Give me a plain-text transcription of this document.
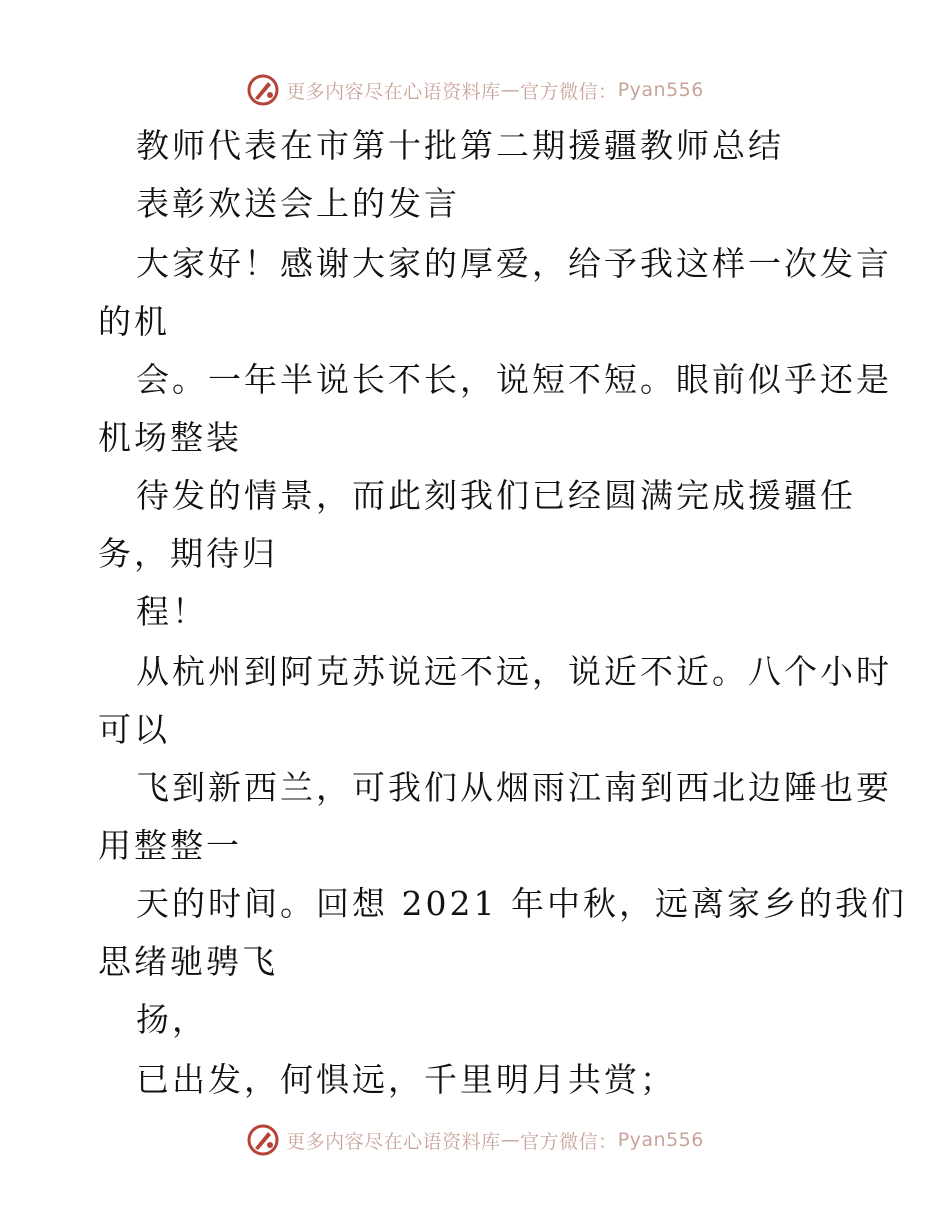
更多内容尽在心语资料库 — 官方微信： Pyan556
教师代表在市第十批第二期援疆教师总结
表彰欢送会上的发言
大家好！感谢大家的厚爱，给予我这样一次发言
的机
会。一年半说长不长，说短不短。眼前似乎还是
机场整装
待发的情景，而此刻我们已经圆满完成援疆任
务，期待归
程！
从杭州到阿克苏说远不远，说近不近。八个小时
可以
飞到新西兰，可我们从烟雨江南到西北边陲也要
用整整一
天的时间。回想 2021 年中秋，远离家乡的我们
思绪驰骋飞
扬，
已出发，何惧远，千里明月共赏；
更多内容尽在心语资料库 — 官方微信： Pyan556
